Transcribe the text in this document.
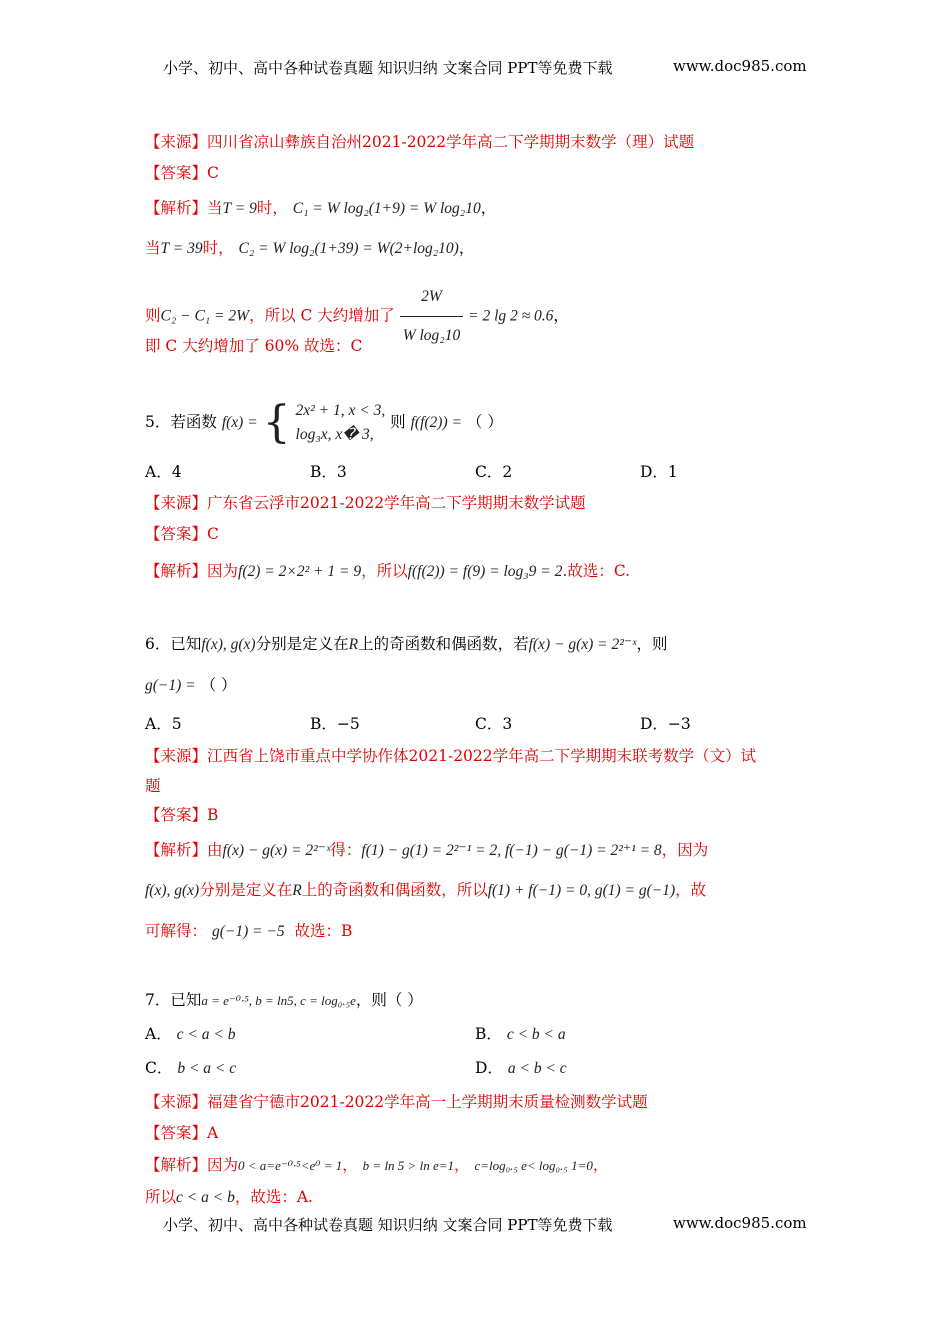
小学、初中、高中各种试卷真题 知识归纳 文案合同 PPT等免费下载	www.doc985.com
【来源】四川省凉山彝族自治州2021-2022学年高二下学期期末数学（理）试题
【答案】C
【解析】当T = 9时， C₁ = W log₂(1+9) = W log₂10，
当T = 39时， C₂ = W log₂(1+39) = W(2+log₂10)，
则C₂ − C₁ = 2W，所以 C 大约增加了 $\frac{2W}{\text{W log₂10}} = 2$ lg 2 ≈ 0.6，
即 C 大约增加了 60% 故选：C
5．若函数 f(x) = { 2x² + 1, x < 3,
log₃x, x� 3,
则 f(f(2)) = （ ）
A．4	B．3	C．2	D．1
【来源】广东省云浮市2021-2022学年高二下学期期末数学试题
【答案】C
【解析】因为f(2) = 2×2² + 1 = 9，所以f(f(2)) = f(9) = log₃9 = 2.故选：C.
6．已知f(x), g(x)分别是定义在R上的奇函数和偶函数，若f(x) − g(x) = 2²⁻ˣ，则
g(−1) = （ ）
A．5	B．−5	C．3	D．−3
【来源】江西省上饶市重点中学协作体2021-2022学年高二下学期期末联考数学（文）试
题
【答案】B
【解析】由f(x) − g(x) = 2²⁻ˣ得：f(1) − g(1) = 2²⁻¹ = 2, f(−1) − g(−1) = 2²⁺¹ = 8，因为
f(x), g(x)分别是定义在R上的奇函数和偶函数，所以f(1) + f(−1) = 0, g(1) = g(−1)，故
可解得： g(−1) = −5 故选：B
7．已知a = e⁻⁰·⁵, b = ln5, c = log₀.₅e，则（ ）
A． c < a < b	B． c < b < a
C． b < a < c	D． a < b < c
【来源】福建省宁德市2021-2022学年高一上学期期末质量检测数学试题
【答案】A
【解析】因为0 < a=e⁻⁰·⁵<e⁰ = 1， b = ln 5 > ln e=1， c=log₀.₅ e< log₀.₅ 1=0，
所以c < a < b，故选：A.
小学、初中、高中各种试卷真题 知识归纳 文案合同 PPT等免费下载	www.doc985.com
